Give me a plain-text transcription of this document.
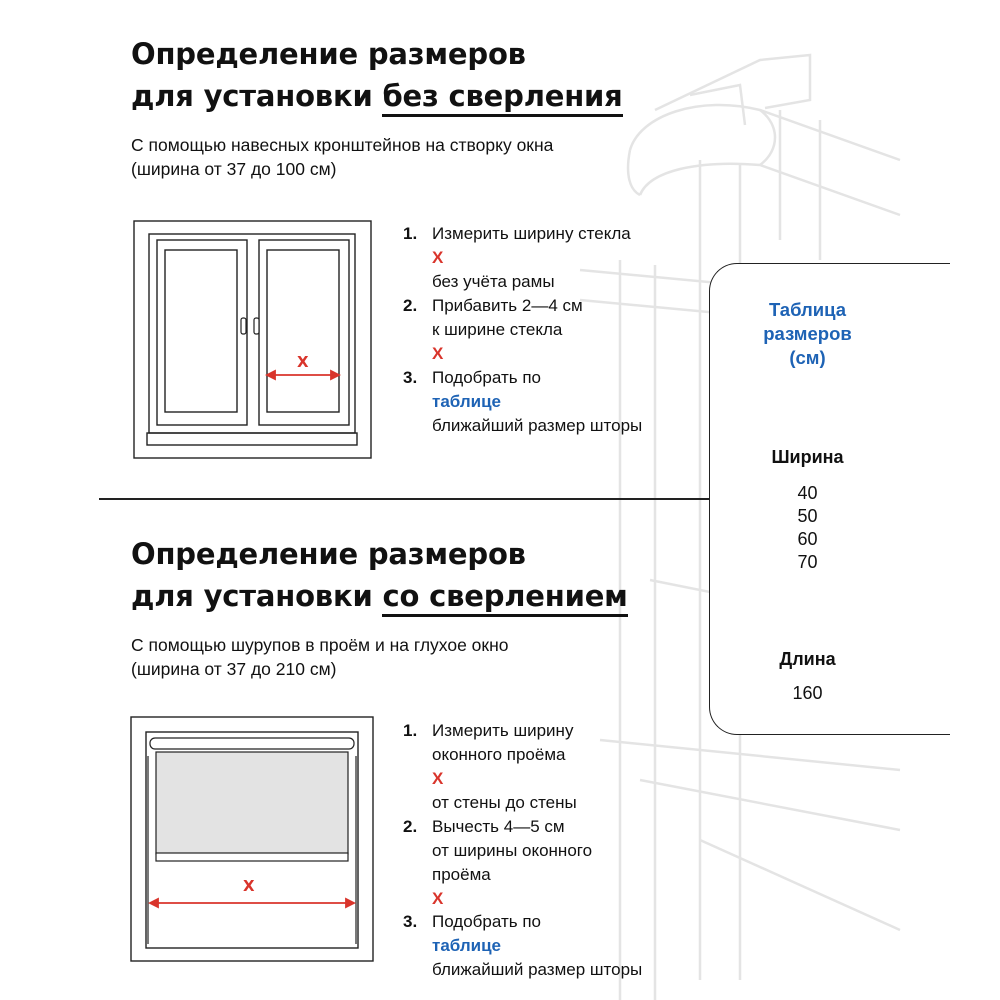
Определение размеров
для установки без сверления
С помощью навесных кронштейнов на створку окна
(ширина от 37 до 100 см)
X
1. Измерить ширину стекла
X
без учёта рамы
2. Прибавить 2—4 см
к ширине стекла
X
3. Подобрать по
таблице
ближайший размер шторы
Определение размеров
для установки со сверлением
С помощью шурупов в проём и на глухое окно
(ширина от 37 до 210 см)
X
1. Измерить ширину
оконного проёма
X
от стены до стены
2. Вычесть 4—5 см
от ширины оконного
проёма
X
3. Подобрать по
таблице
ближайший размер шторы
Таблица
размеров
(см)
Ширина
40
50
60
70
Длина
160
